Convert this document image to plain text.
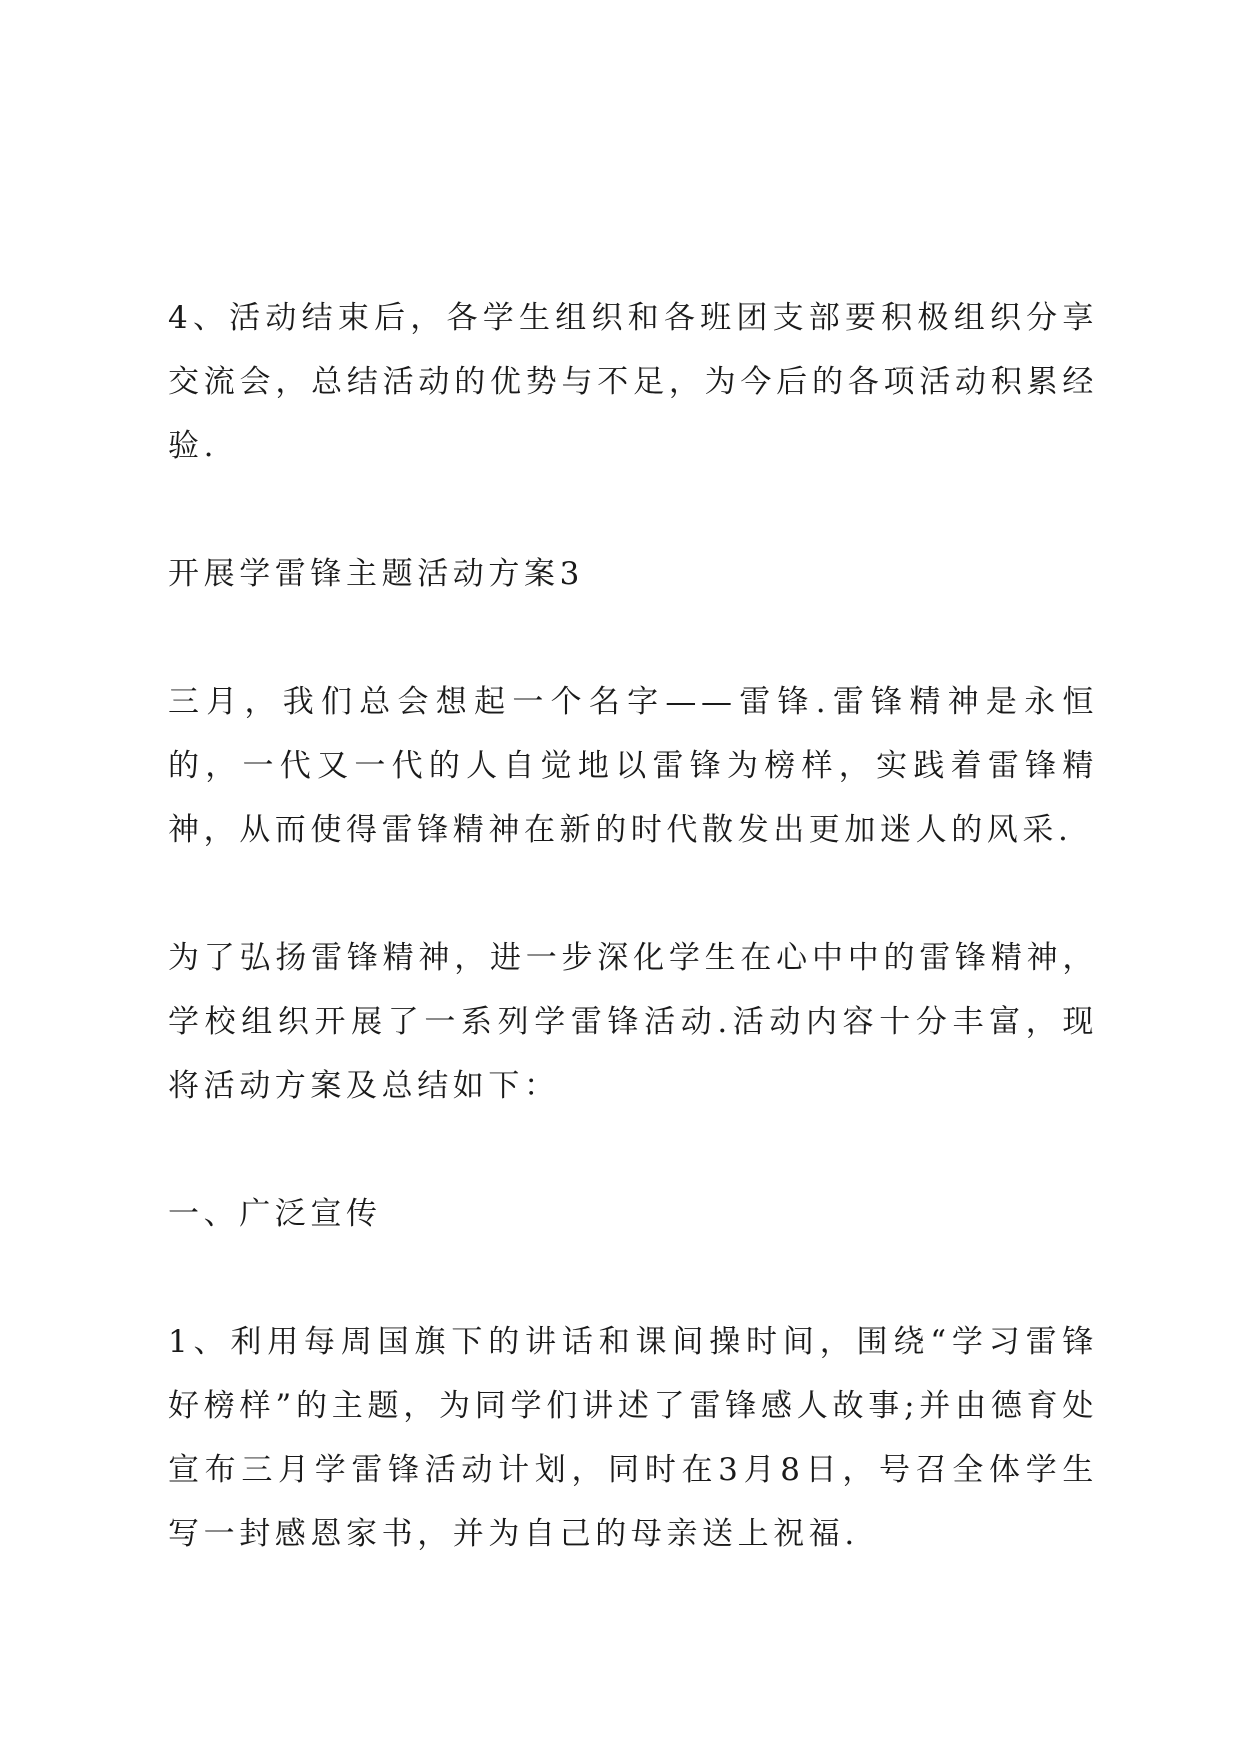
4、活动结束后，各学生组织和各班团支部要积极组织分享交流会，总结活动的优势与不足，为今后的各项活动积累经验.

开展学雷锋主题活动方案3

三月，我们总会想起一个名字——雷锋.雷锋精神是永恒的，一代又一代的人自觉地以雷锋为榜样，实践着雷锋精神，从而使得雷锋精神在新的时代散发出更加迷人的风采.

为了弘扬雷锋精神，进一步深化学生在心中中的雷锋精神，学校组织开展了一系列学雷锋活动.活动内容十分丰富，现将活动方案及总结如下：

一、广泛宣传

1、利用每周国旗下的讲话和课间操时间，围绕“学习雷锋好榜样”的主题，为同学们讲述了雷锋感人故事;并由德育处宣布三月学雷锋活动计划，同时在3月8日，号召全体学生写一封感恩家书，并为自己的母亲送上祝福.
